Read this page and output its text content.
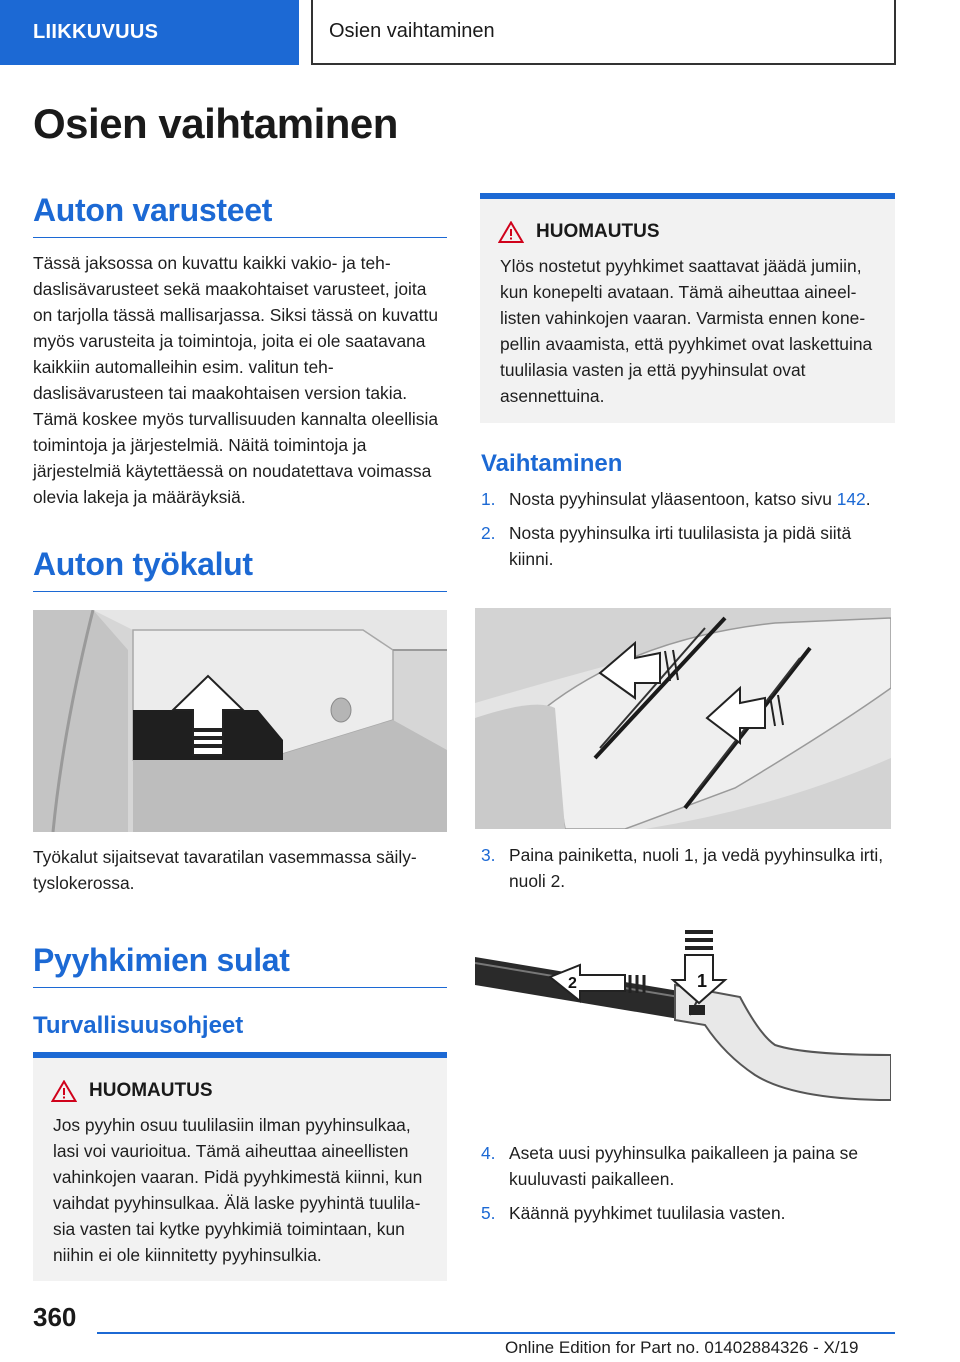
LIIKKUVUUS	Osien vaihtaminen
Osien vaihtaminen
Auton varusteet

Tässä jaksossa on kuvattu kaikki vakio- ja tehdaslisävarusteet sekä maakohtaiset varusteet, joita on tarjolla tässä mallisarjassa. Siksi tässä on kuvattu myös varusteita ja toimintoja, joita ei ole saatavana kaikkiin automalleihin esim. valitun tehdaslisävarusteen tai maakohtaisen version takia. Tämä koskee myös turvallisuuden kannalta oleellisia toimintoja ja järjestelmiä. Näitä toimintoja ja järjestelmiä käytettäessä on noudatettava voimassa olevia lakeja ja määräyksiä.

Auton työkalut

Työkalut sijaitsevat tavaratilan vasemmassa säilytyslokerossa.

Pyyhkimien sulat
Turvallisuusohjeet
HUOMAUTUS
Jos pyyhin osuu tuulilasiin ilman pyyhinsulkaa, lasi voi vaurioitua. Tämä aiheuttaa aineellisten vahinkojen vaaran. Pidä pyyhkimestä kiinni, kun vaihdat pyyhinsulkaa. Älä laske pyyhintä tuulilasia vasten tai kytke pyyhkimiä toimintaan, kun niihin ei ole kiinnitetty pyyhinsulkia.
HUOMAUTUS
Ylös nostetut pyyhkimet saattavat jäädä jumiin, kun konepelti avataan. Tämä aiheuttaa aineellisten vahinkojen vaaran. Varmista ennen konepellin avaamista, että pyyhkimet ovat laskettuina tuulilasia vasten ja että pyyhinsulat ovat asennettuina.
Vaihtaminen
1. Nosta pyyhinsulat yläasentoon, katso sivu 142.
2. Nosta pyyhinsulka irti tuulilasista ja pidä siitä kiinni.
3. Paina painiketta, nuoli 1, ja vedä pyyhinsulka irti, nuoli 2.
1
2
4. Aseta uusi pyyhinsulka paikalleen ja paina se kuuluvasti paikalleen.
5. Käännä pyyhkimet tuulilasia vasten.
360
Online Edition for Part no. 01402884326 - X/19
